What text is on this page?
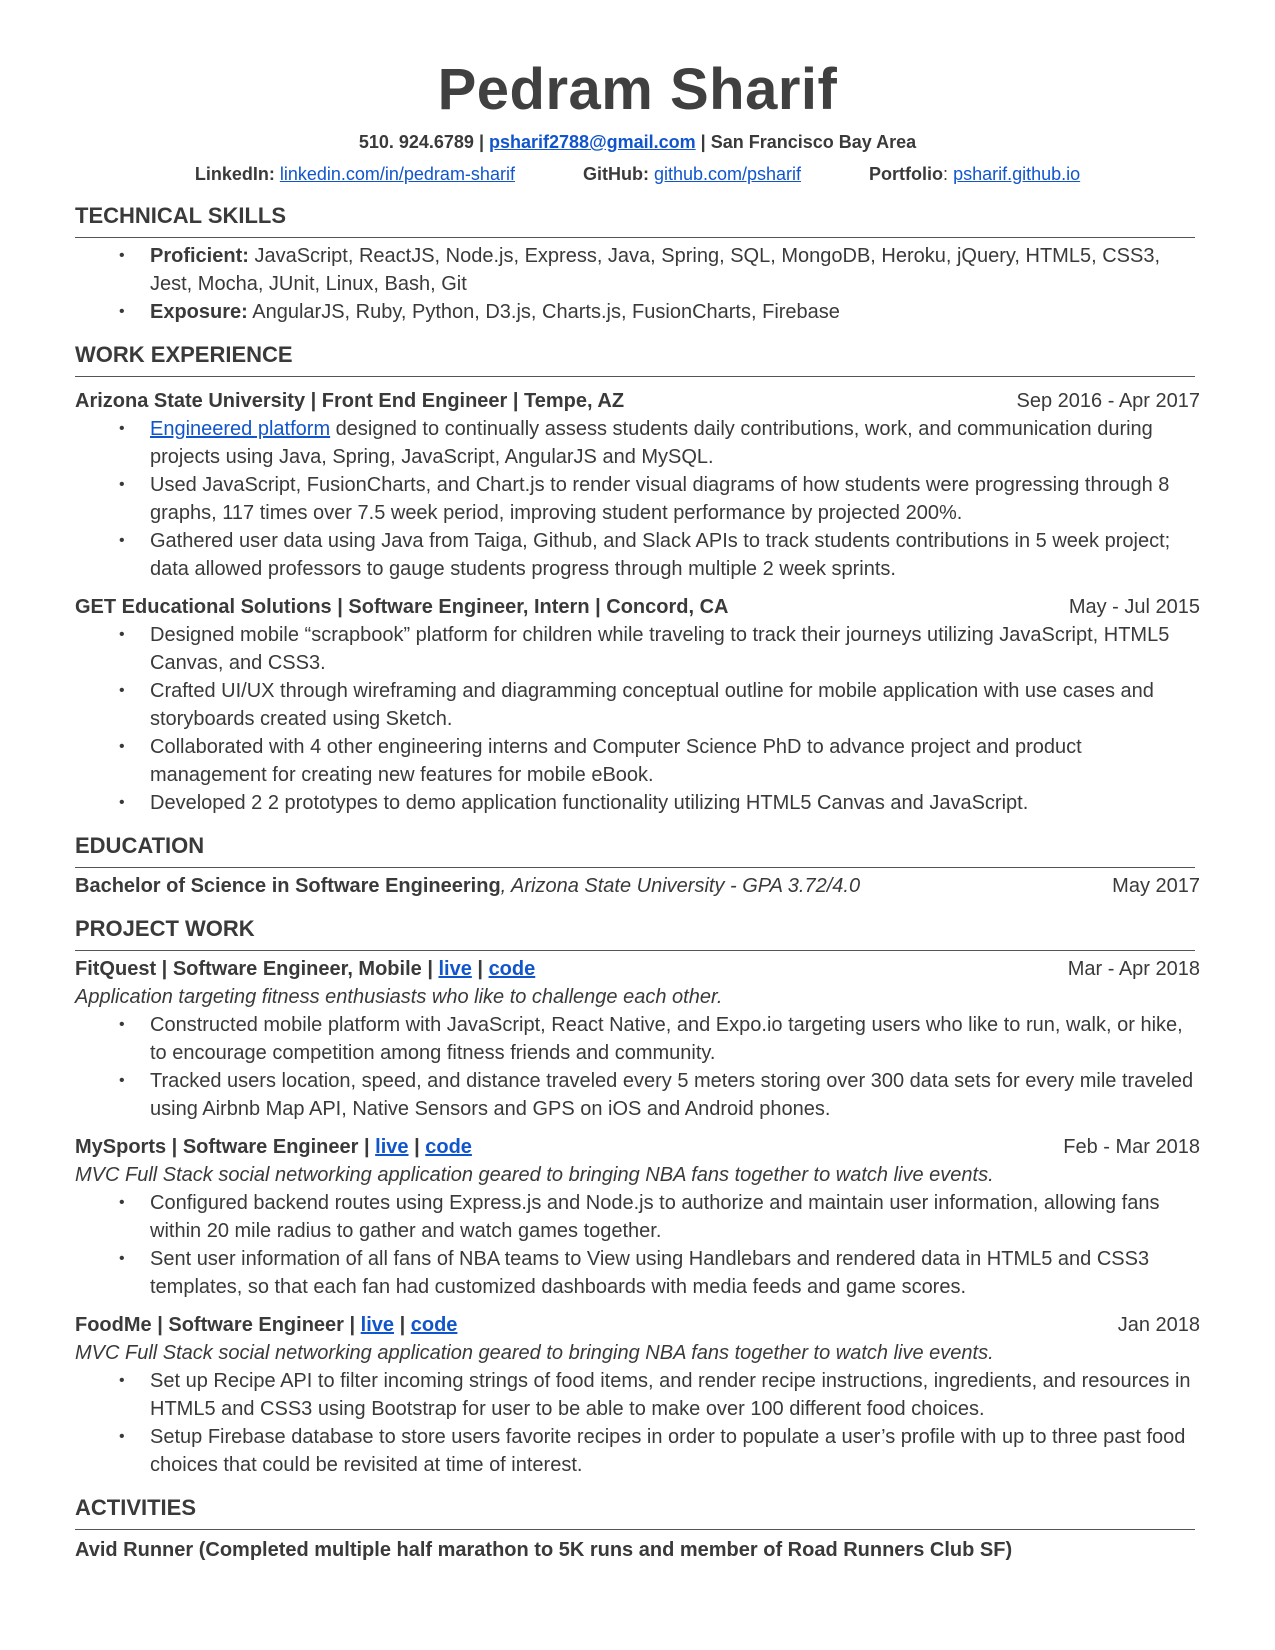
Pedram Sharif
510. 924.6789 | psharif2788@gmail.com | San Francisco Bay Area
LinkedIn: linkedin.com/in/pedram-sharif	GitHub: github.com/psharif	Portfolio: psharif.github.io
TECHNICAL SKILLS
• Proficient: JavaScript, ReactJS, Node.js, Express, Java, Spring, SQL, MongoDB, Heroku, jQuery, HTML5, CSS3, Jest, Mocha, JUnit, Linux, Bash, Git
• Exposure: AngularJS, Ruby, Python, D3.js, Charts.js, FusionCharts, Firebase
WORK EXPERIENCE
Arizona State University | Front End Engineer | Tempe, AZ	Sep 2016 - Apr 2017
• Engineered platform designed to continually assess students daily contributions, work, and communication during projects using Java, Spring, JavaScript, AngularJS and MySQL.
• Used JavaScript, FusionCharts, and Chart.js to render visual diagrams of how students were progressing through 8 graphs, 117 times over 7.5 week period, improving student performance by projected 200%.
• Gathered user data using Java from Taiga, Github, and Slack APIs to track students contributions in 5 week project; data allowed professors to gauge students progress through multiple 2 week sprints.
GET Educational Solutions | Software Engineer, Intern | Concord, CA	May - Jul 2015
• Designed mobile “scrapbook” platform for children while traveling to track their journeys utilizing JavaScript, HTML5 Canvas, and CSS3.
• Crafted UI/UX through wireframing and diagramming conceptual outline for mobile application with use cases and storyboards created using Sketch.
• Collaborated with 4 other engineering interns and Computer Science PhD to advance project and product management for creating new features for mobile eBook.
• Developed 2 2 prototypes to demo application functionality utilizing HTML5 Canvas and JavaScript.
EDUCATION
Bachelor of Science in Software Engineering, Arizona State University - GPA 3.72/4.0	May 2017
PROJECT WORK
FitQuest | Software Engineer, Mobile | live | code	Mar - Apr 2018
Application targeting fitness enthusiasts who like to challenge each other.
• Constructed mobile platform with JavaScript, React Native, and Expo.io targeting users who like to run, walk, or hike, to encourage competition among fitness friends and community.
• Tracked users location, speed, and distance traveled every 5 meters storing over 300 data sets for every mile traveled using Airbnb Map API, Native Sensors and GPS on iOS and Android phones.
MySports | Software Engineer | live | code	Feb - Mar 2018
MVC Full Stack social networking application geared to bringing NBA fans together to watch live events.
• Configured backend routes using Express.js and Node.js to authorize and maintain user information, allowing fans within 20 mile radius to gather and watch games together.
• Sent user information of all fans of NBA teams to View using Handlebars and rendered data in HTML5 and CSS3 templates, so that each fan had customized dashboards with media feeds and game scores.
FoodMe | Software Engineer | live | code	Jan 2018
MVC Full Stack social networking application geared to bringing NBA fans together to watch live events.
• Set up Recipe API to filter incoming strings of food items, and render recipe instructions, ingredients, and resources in HTML5 and CSS3 using Bootstrap for user to be able to make over 100 different food choices.
• Setup Firebase database to store users favorite recipes in order to populate a user’s profile with up to three past food choices that could be revisited at time of interest.
ACTIVITIES
Avid Runner (Completed multiple half marathon to 5K runs and member of Road Runners Club SF)
